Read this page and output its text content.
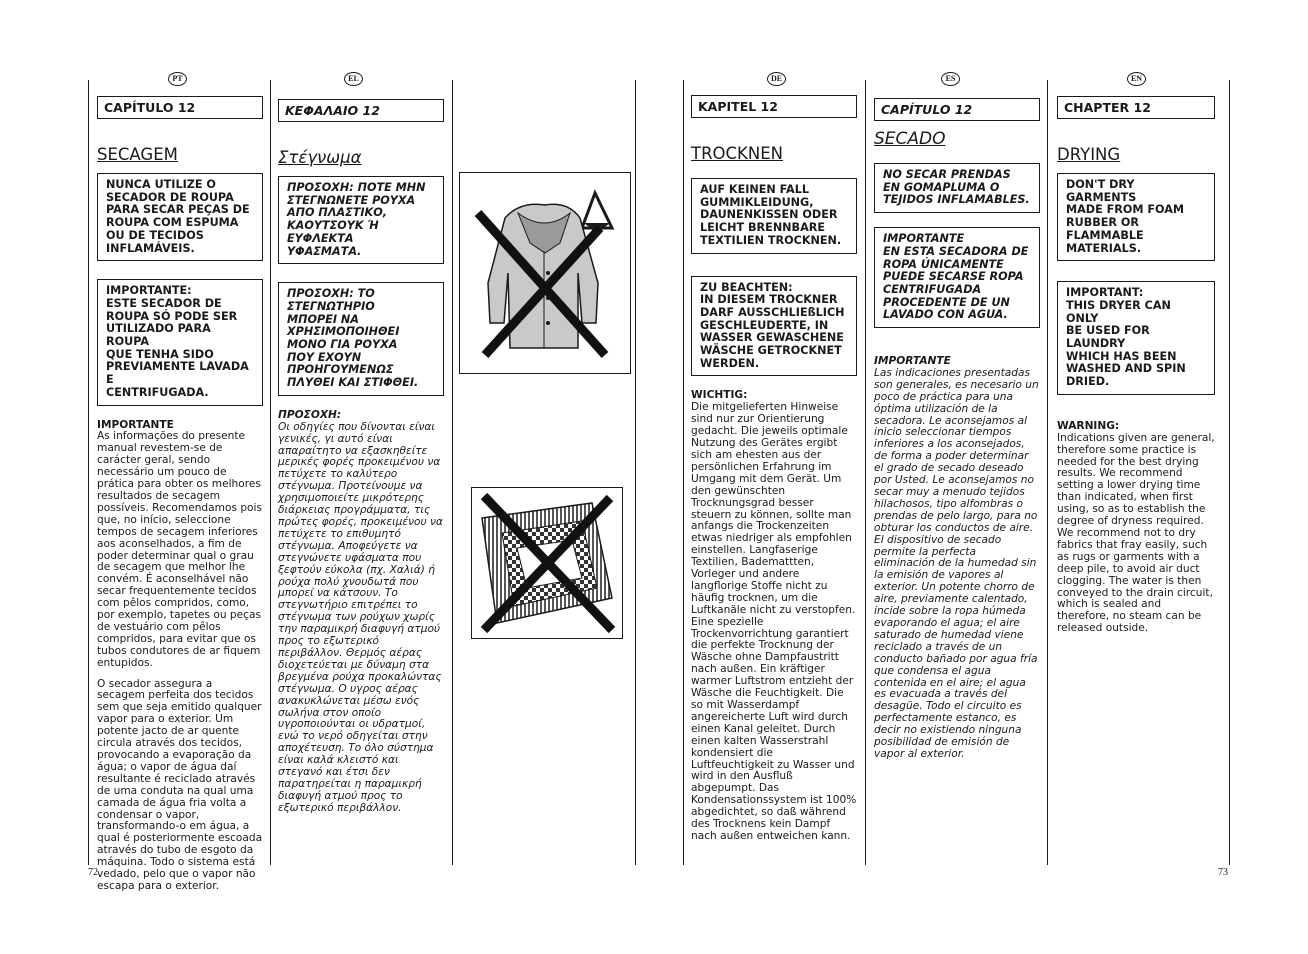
PT	EL	DE	ES	EN
72	73
CAPÍTULO 12
SECAGEM
NUNCA UTILIZE O
SECADOR DE ROUPA
PARA SECAR PEÇAS DE
ROUPA COM ESPUMA
OU DE TECIDOS
INFLAMÁVEIS.
IMPORTANTE:
ESTE SECADOR DE
ROUPA SÓ PODE SER
UTILIZADO PARA ROUPA
QUE TENHA SIDO
PREVIAMENTE LAVADA E
CENTRIFUGADA.
IMPORTANTE

As informações do presente manual revestem-se de carácter geral, sendo necessário um pouco de prática para obter os melhores resultados de secagem possíveis. Recomendamos pois que, no início, seleccione tempos de secagem inferiores aos aconselhados, a fim de poder determinar qual o grau de secagem que melhor lhe convém. É aconselhável não secar frequentemente tecidos com pêlos compridos, como, por exemplo, tapetes ou peças de vestuário com pêlos compridos, para evitar que os tubos condutores de ar fiquem entupidos.

O secador assegura a secagem perfeita dos tecidos sem que seja emitido qualquer vapor para o exterior. Um potente jacto de ar quente circula através dos tecidos, provocando a evaporação da água; o vapor de água daí resultante é reciclado através de uma conduta na qual uma camada de água fria volta a condensar o vapor, transformando-o em água, a qual é posteriormente escoada através do tubo de esgoto da máquina. Todo o sistema está vedado, pelo que o vapor não escapa para o exterior.

ΚΕΦΑΛΑΙΟ 12
Στέγνωμα
ΠΡΟΣΟΧΗ: ΠΟΤΕ ΜΗΝ
ΣΤΕΓΝΩΝΕΤΕ ΡΟΥΧΑ
ΑΠΟ ΠΛΑΣΤΙΚΟ,
ΚΑΟΥΤΣΟΥΚ Ή
ΕΥΦΛΕΚΤΑ
ΥΦΑΣΜΑΤΑ.
ΠΡΟΣΟΧΗ: ΤΟ
ΣΤΕΓΝΩΤΗΡΙΟ
ΜΠΟΡΕΙ ΝΑ
ΧΡΗΣΙΜΟΠΟΙΗΘΕΙ
ΜΟΝΟ ΓΙΑ ΡΟΥΧΑ
ΠΟΥ ΕΧΟΥΝ
ΠΡΟΗΓΟΥΜΕΝΩΣ
ΠΛΥΘΕΙ ΚΑΙ ΣΤΙΦΘΕΙ.
ΠΡΟΣΟΧΗ:

Οι οδηγίες που δίνονται είναι γενικές, γι αυτό είναι απαραίτητο να εξασκηθείτε μερικές φορές προκειμένου να πετύχετε το καλύτερο στέγνωμα. Προτείνουμε να χρησιμοποιείτε μικρότερης διάρκειας προγράμματα, τις πρώτες φορές, προκειμένου να πετύχετε το επιθυμητό στέγνωμα. Αποφεύγετε να στεγνώνετε υφάσματα που ξεφτούν εύκολα (πχ. Χαλιά) ή ρούχα πολύ χνουδωτά που μπορεί να κάτσουν. Το στεγνωτήριο επιτρέπει το στέγνωμα των ρούχων χωρίς την παραμικρή διαφυγή ατμού προς το εξωτερικό περιβάλλον. Θερμός αέρας διοχετεύεται με δύναμη στα βρεγμένα ρούχα προκαλώντας στέγνωμα. Ο υγρος αέρας ανακυκλώνεται μέσω ενός σωλήνα στον οποίο υγροποιούνται οι υδρατμοί, ενώ το νερό οδηγείται στην αποχέτευση. Το όλο σύστημα είναι καλά κλειστό και στεγανό και έτσι δεν παρατηρείται η παραμικρή διαφυγή ατμού προς το εξωτερικό περιβάλλον.

KAPITEL 12
TROCKNEN
AUF KEINEN FALL
GUMMIKLEIDUNG,
DAUNENKISSEN ODER
LEICHT BRENNBARE
TEXTILIEN TROCKNEN.
ZU BEACHTEN:
IN DIESEM TROCKNER
DARF AUSSCHLIEßLICH
GESCHLEUDERTE, IN
WASSER GEWASCHENE
WÄSCHE GETROCKNET
WERDEN.
WICHTIG:

Die mitgelieferten Hinweise sind nur zur Orientierung gedacht. Die jeweils optimale Nutzung des Gerätes ergibt sich am ehesten aus der persönlichen Erfahrung im Umgang mit dem Gerät. Um den gewünschten Trocknungsgrad besser steuern zu können, sollte man anfangs die Trockenzeiten etwas niedriger als empfohlen einstellen. Langfaserige Textilien, Bademattten, Vorleger und andere langflorige Stoffe nicht zu häufig trocknen, um die Luftkanäle nicht zu verstopfen. Eine spezielle Trockenvorrichtung garantiert die perfekte Trocknung der Wäsche ohne Dampfaustritt nach außen. Ein kräftiger warmer Luftstrom entzieht der Wäsche die Feuchtigkeit. Die so mit Wasserdampf angereicherte Luft wird durch einen Kanal geleitet. Durch einen kalten Wasserstrahl kondensiert die Luftfeuchtigkeit zu Wasser und wird in den Ausfluß abgepumpt. Das Kondensationssystem ist 100% abgedichtet, so daß während des Trocknens kein Dampf nach außen entweichen kann.

CAPÍTULO 12
SECADO
NO SECAR PRENDAS
EN GOMAPLUMA O
TEJIDOS INFLAMABLES.
IMPORTANTE
EN ESTA SECADORA DE
ROPA ÚNICAMENTE
PUEDE SECARSE ROPA
CENTRIFUGADA
PROCEDENTE DE UN
LAVADO CON AGUA.
IMPORTANTE

Las indicaciones presentadas son generales, es necesario un poco de práctica para una óptima utilización de la secadora. Le aconsejamos al inicio seleccionar tiempos inferiores a los aconsejados, de forma a poder determinar el grado de secado deseado por Usted. Le aconsejamos no secar muy a menudo tejidos hilachosos, tipo alfombras o prendas de pelo largo, para no obturar los conductos de aire. El dispositivo de secado permite la perfecta eliminación de la humedad sin la emisión de vapores al exterior. Un potente chorro de aire, previamente calentado, incide sobre la ropa húmeda evaporando el agua; el aire saturado de humedad viene reciclado a través de un conducto bañado por agua fría que condensa el agua contenida en el aire; el agua es evacuada a través del desagüe. Todo el circuito es perfectamente estanco, es decir no existiendo ninguna posibilidad de emisión de vapor al exterior.

CHAPTER 12
DRYING
DON'T DRY GARMENTS
MADE FROM FOAM
RUBBER OR
FLAMMABLE
MATERIALS.
IMPORTANT:
THIS DRYER CAN ONLY
BE USED FOR LAUNDRY
WHICH HAS BEEN
WASHED AND SPIN
DRIED.
WARNING:

Indications given are general, therefore some practice is needed for the best drying results. We recommend setting a lower drying time than indicated, when first using, so as to establish the degree of dryness required. We recommend not to dry fabrics that fray easily, such as rugs or garments with a deep pile, to avoid air duct clogging. The water is then conveyed to the drain circuit, which is sealed and therefore, no steam can be released outside.
